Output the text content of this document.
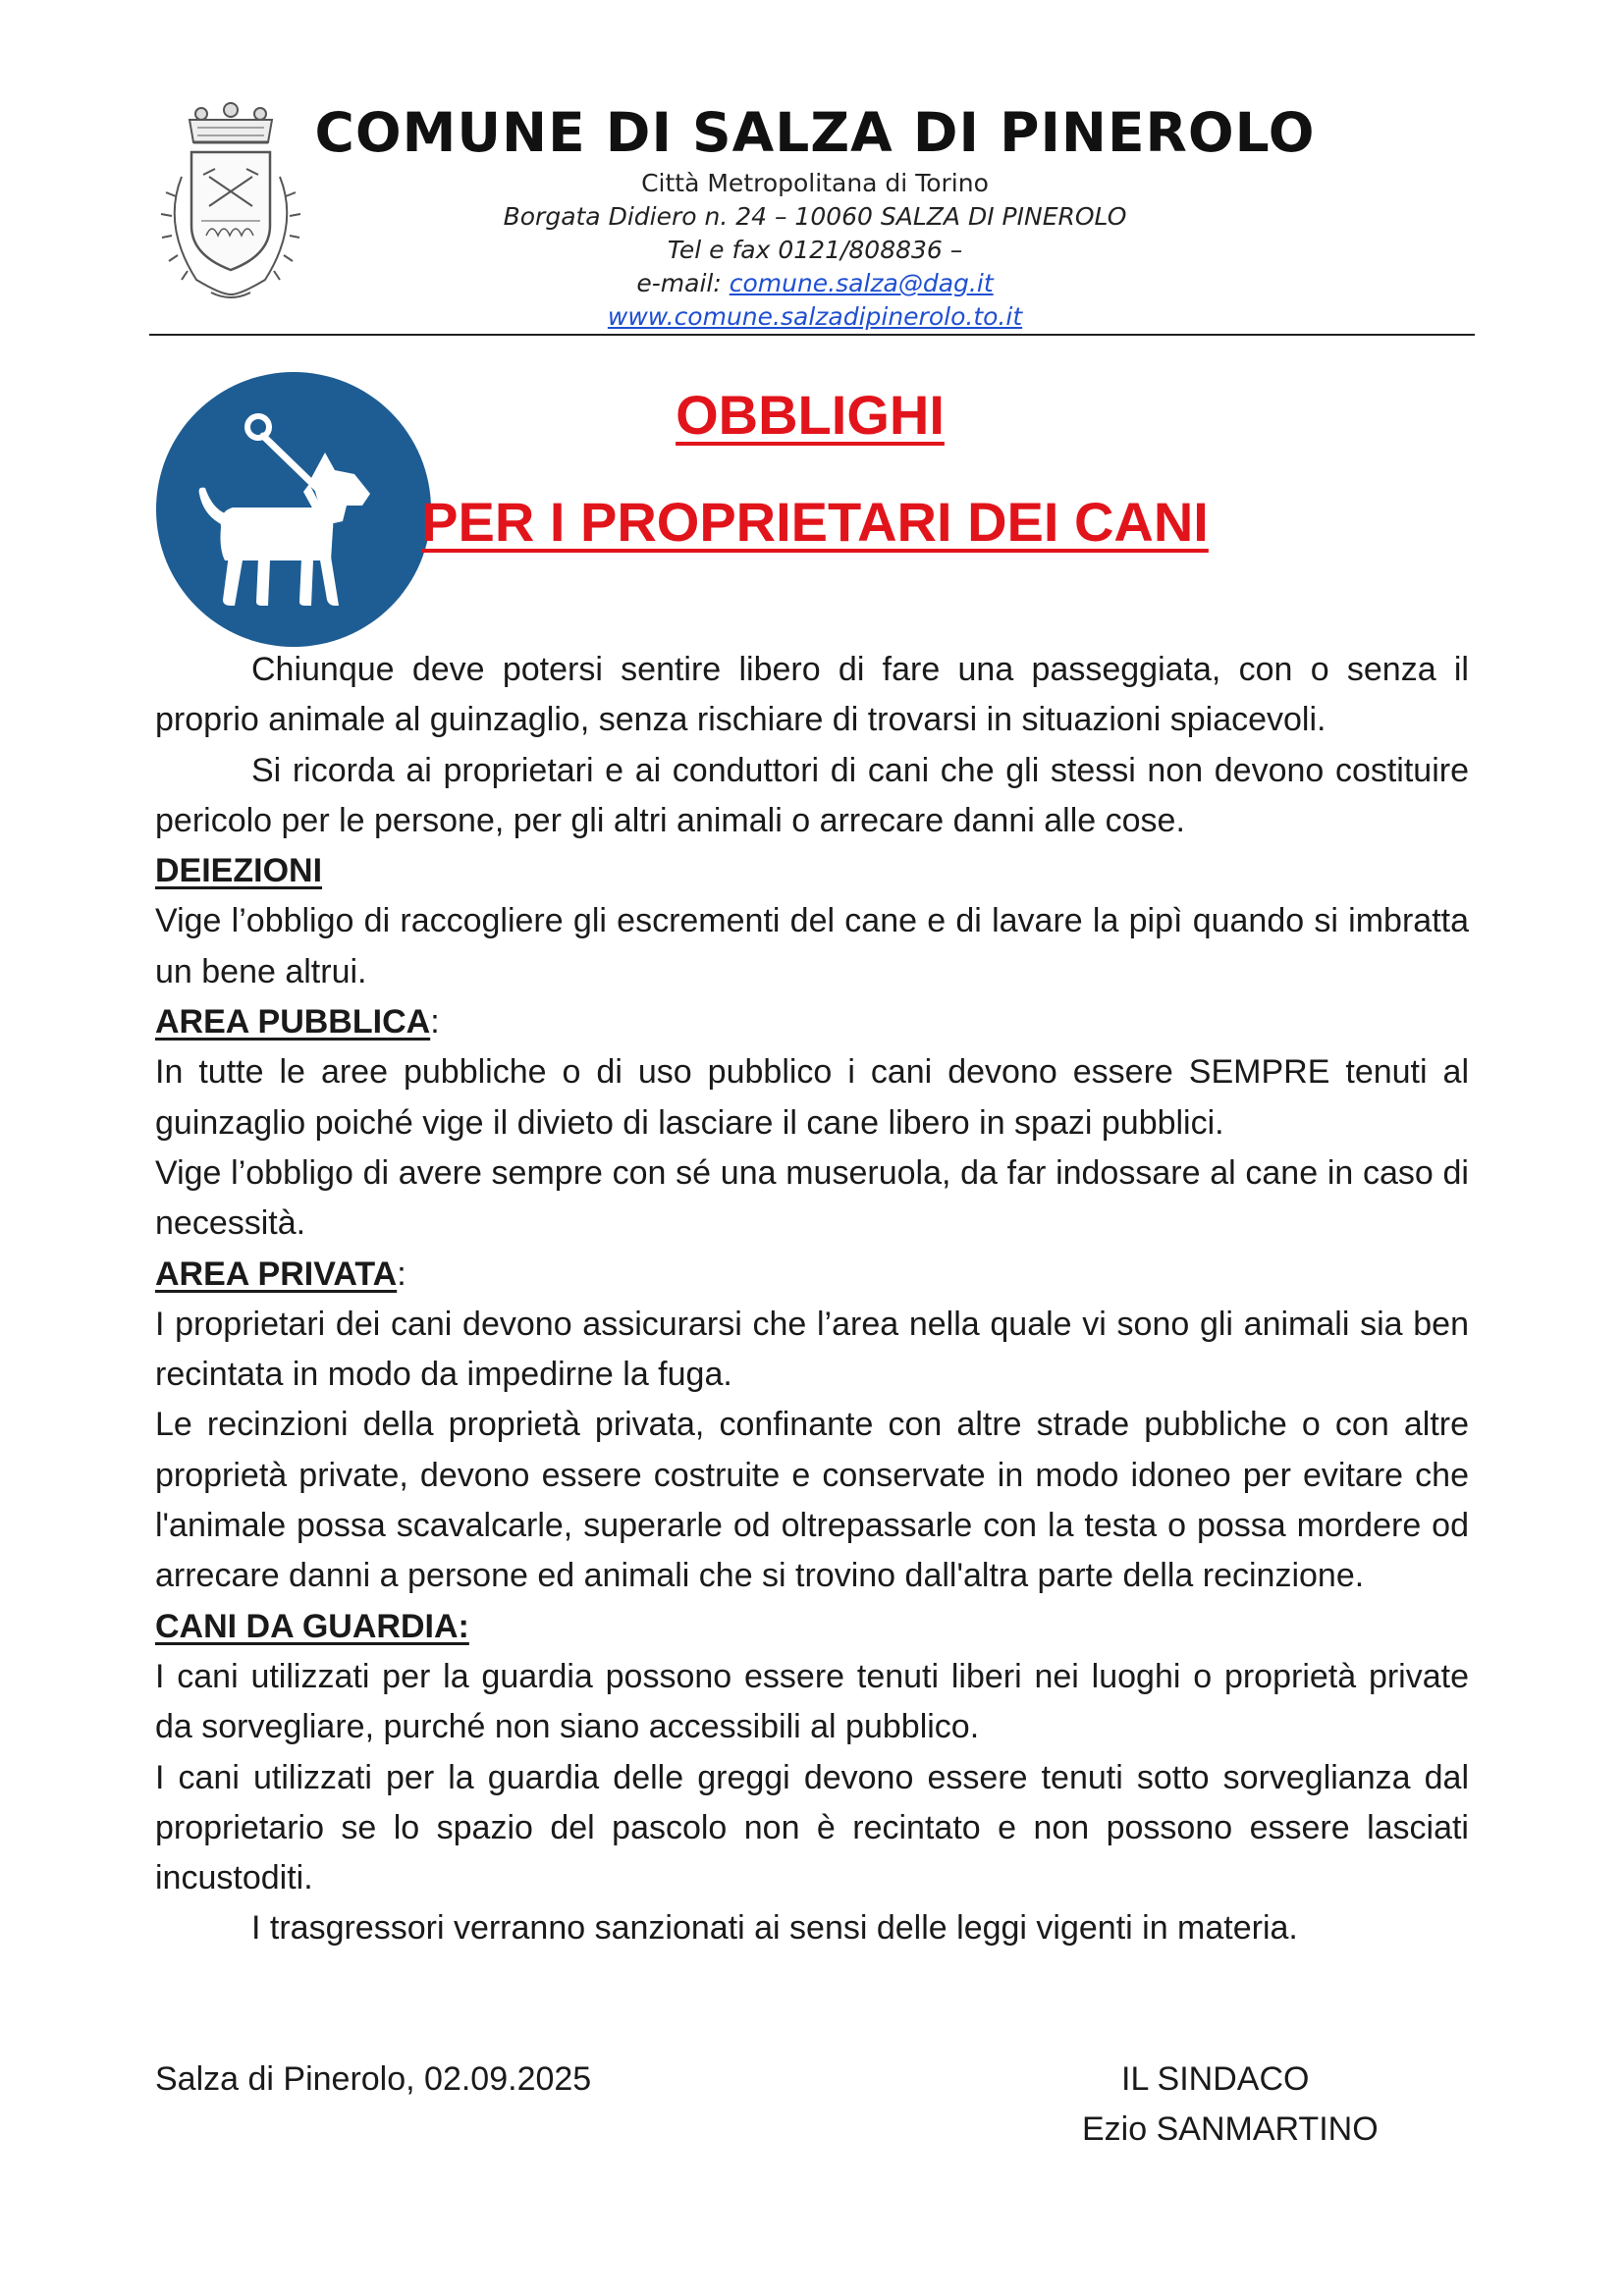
COMUNE DI SALZA DI PINEROLO
Città Metropolitana di Torino
Borgata Didiero n. 24 – 10060 SALZA DI PINEROLO
Tel e fax 0121/808836 –
e-mail: comune.salza@dag.it
www.comune.salzadipinerolo.to.it
OBBLIGHI
PER I PROPRIETARI DEI CANI

Chiunque deve potersi sentire libero di fare una passeggiata, con o senza il proprio animale al guinzaglio, senza rischiare di trovarsi in situazioni spiacevoli.

Si ricorda ai proprietari e ai conduttori di cani che gli stessi non devono costituire pericolo per le persone, per gli altri animali o arrecare danni alle cose.

DEIEZIONI

Vige l’obbligo di raccogliere gli escrementi del cane e di lavare la pipì quando si imbratta un bene altrui.

AREA PUBBLICA:

In tutte le aree pubbliche o di uso pubblico i cani devono essere SEMPRE tenuti al guinzaglio poiché vige il divieto di lasciare il cane libero in spazi pubblici.

Vige l’obbligo di avere sempre con sé una museruola, da far indossare al cane in caso di necessità.

AREA PRIVATA:

I proprietari dei cani devono assicurarsi che l’area nella quale vi sono gli animali sia ben recintata in modo da impedirne la fuga.

Le recinzioni della proprietà privata, confinante con altre strade pubbliche o con altre proprietà private, devono essere costruite e conservate in modo idoneo per evitare che l'animale possa scavalcarle, superarle od oltrepassarle con la testa o possa mordere od arrecare danni a persone ed animali che si trovino dall'altra parte della recinzione.

CANI DA GUARDIA:

I cani utilizzati per la guardia possono essere tenuti liberi nei luoghi o proprietà private da sorvegliare, purché non siano accessibili al pubblico.

I cani utilizzati per la guardia delle greggi devono essere tenuti sotto sorveglianza dal proprietario se lo spazio del pascolo non è recintato e non possono essere lasciati incustoditi.

I trasgressori verranno sanzionati ai sensi delle leggi vigenti in materia.

Salza di Pinerolo, 02.09.2025	IL SINDACO
Ezio SANMARTINO
